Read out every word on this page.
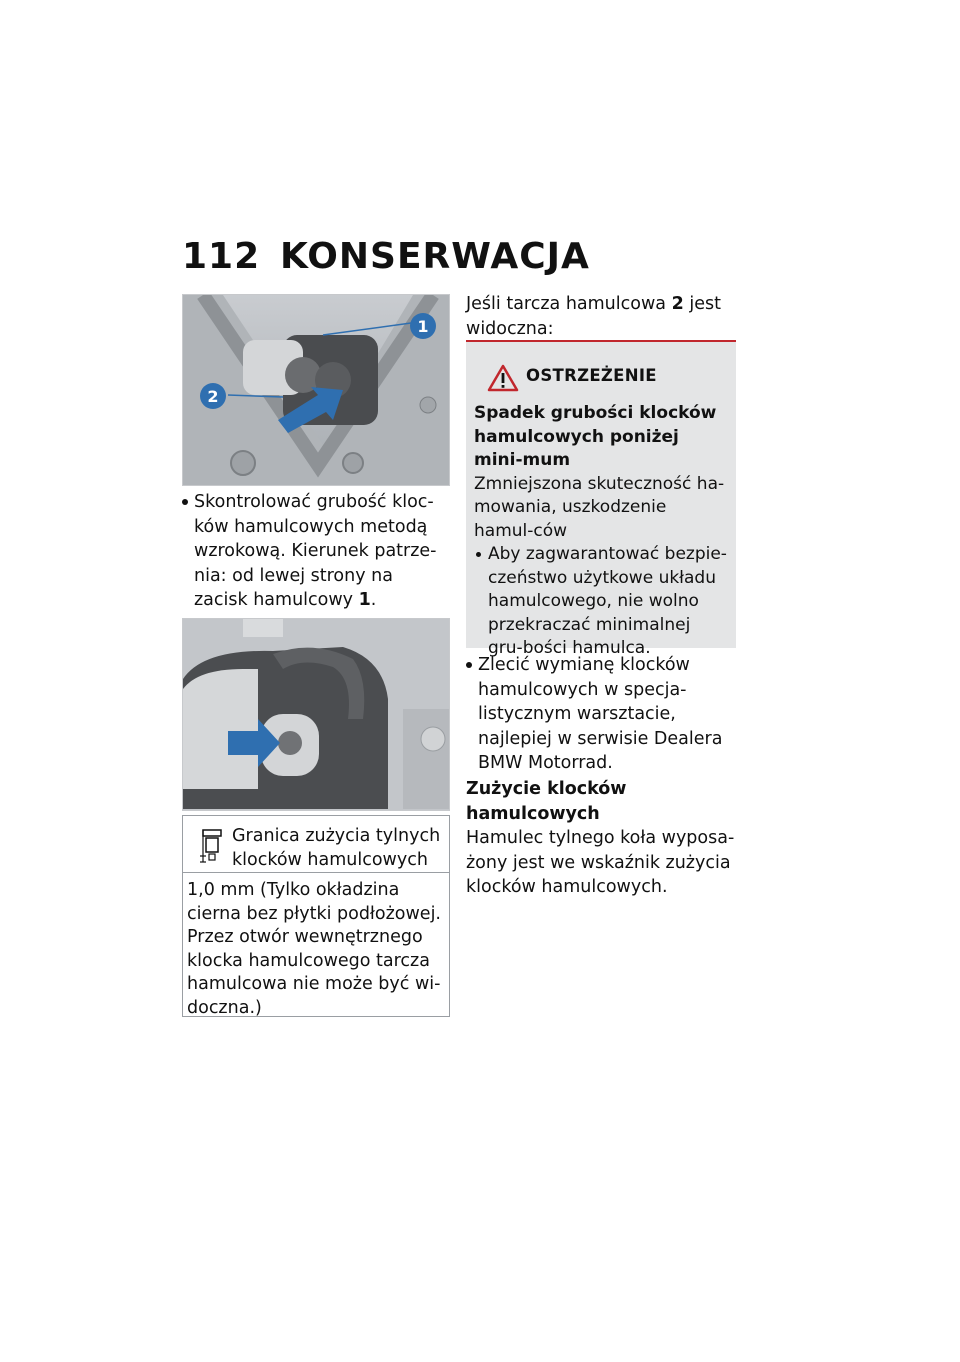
112 KONSERWACJA
1
2
Skontrolować grubość kloc-ków hamulcowych metodą wzrokową. Kierunek patrze-nia: od lewej strony na zacisk hamulcowy 1.
Granica zużycia tylnych klocków hamulcowych
1,0 mm (Tylko okładzina cierna bez płytki podłożowej. Przez otwór wewnętrznego klocka hamulcowego tarcza hamulcowa nie może być wi-doczna.)
Jeśli tarcza hamulcowa 2 jest widoczna:
OSTRZEŻENIE
Spadek grubości klocków hamulcowych poniżej mini-mum
Zmniejszona skuteczność ha-mowania, uszkodzenie hamul-ców
Aby zagwarantować bezpie-czeństwo użytkowe układu hamulcowego, nie wolno przekraczać minimalnej gru-bości hamulca.
Zlecić wymianę klocków hamulcowych w specja-listycznym warsztacie, najlepiej w serwisie Dealera BMW Motorrad.
Zużycie klocków hamulcowych
Hamulec tylnego koła wyposa-żony jest we wskaźnik zużycia klocków hamulcowych.
